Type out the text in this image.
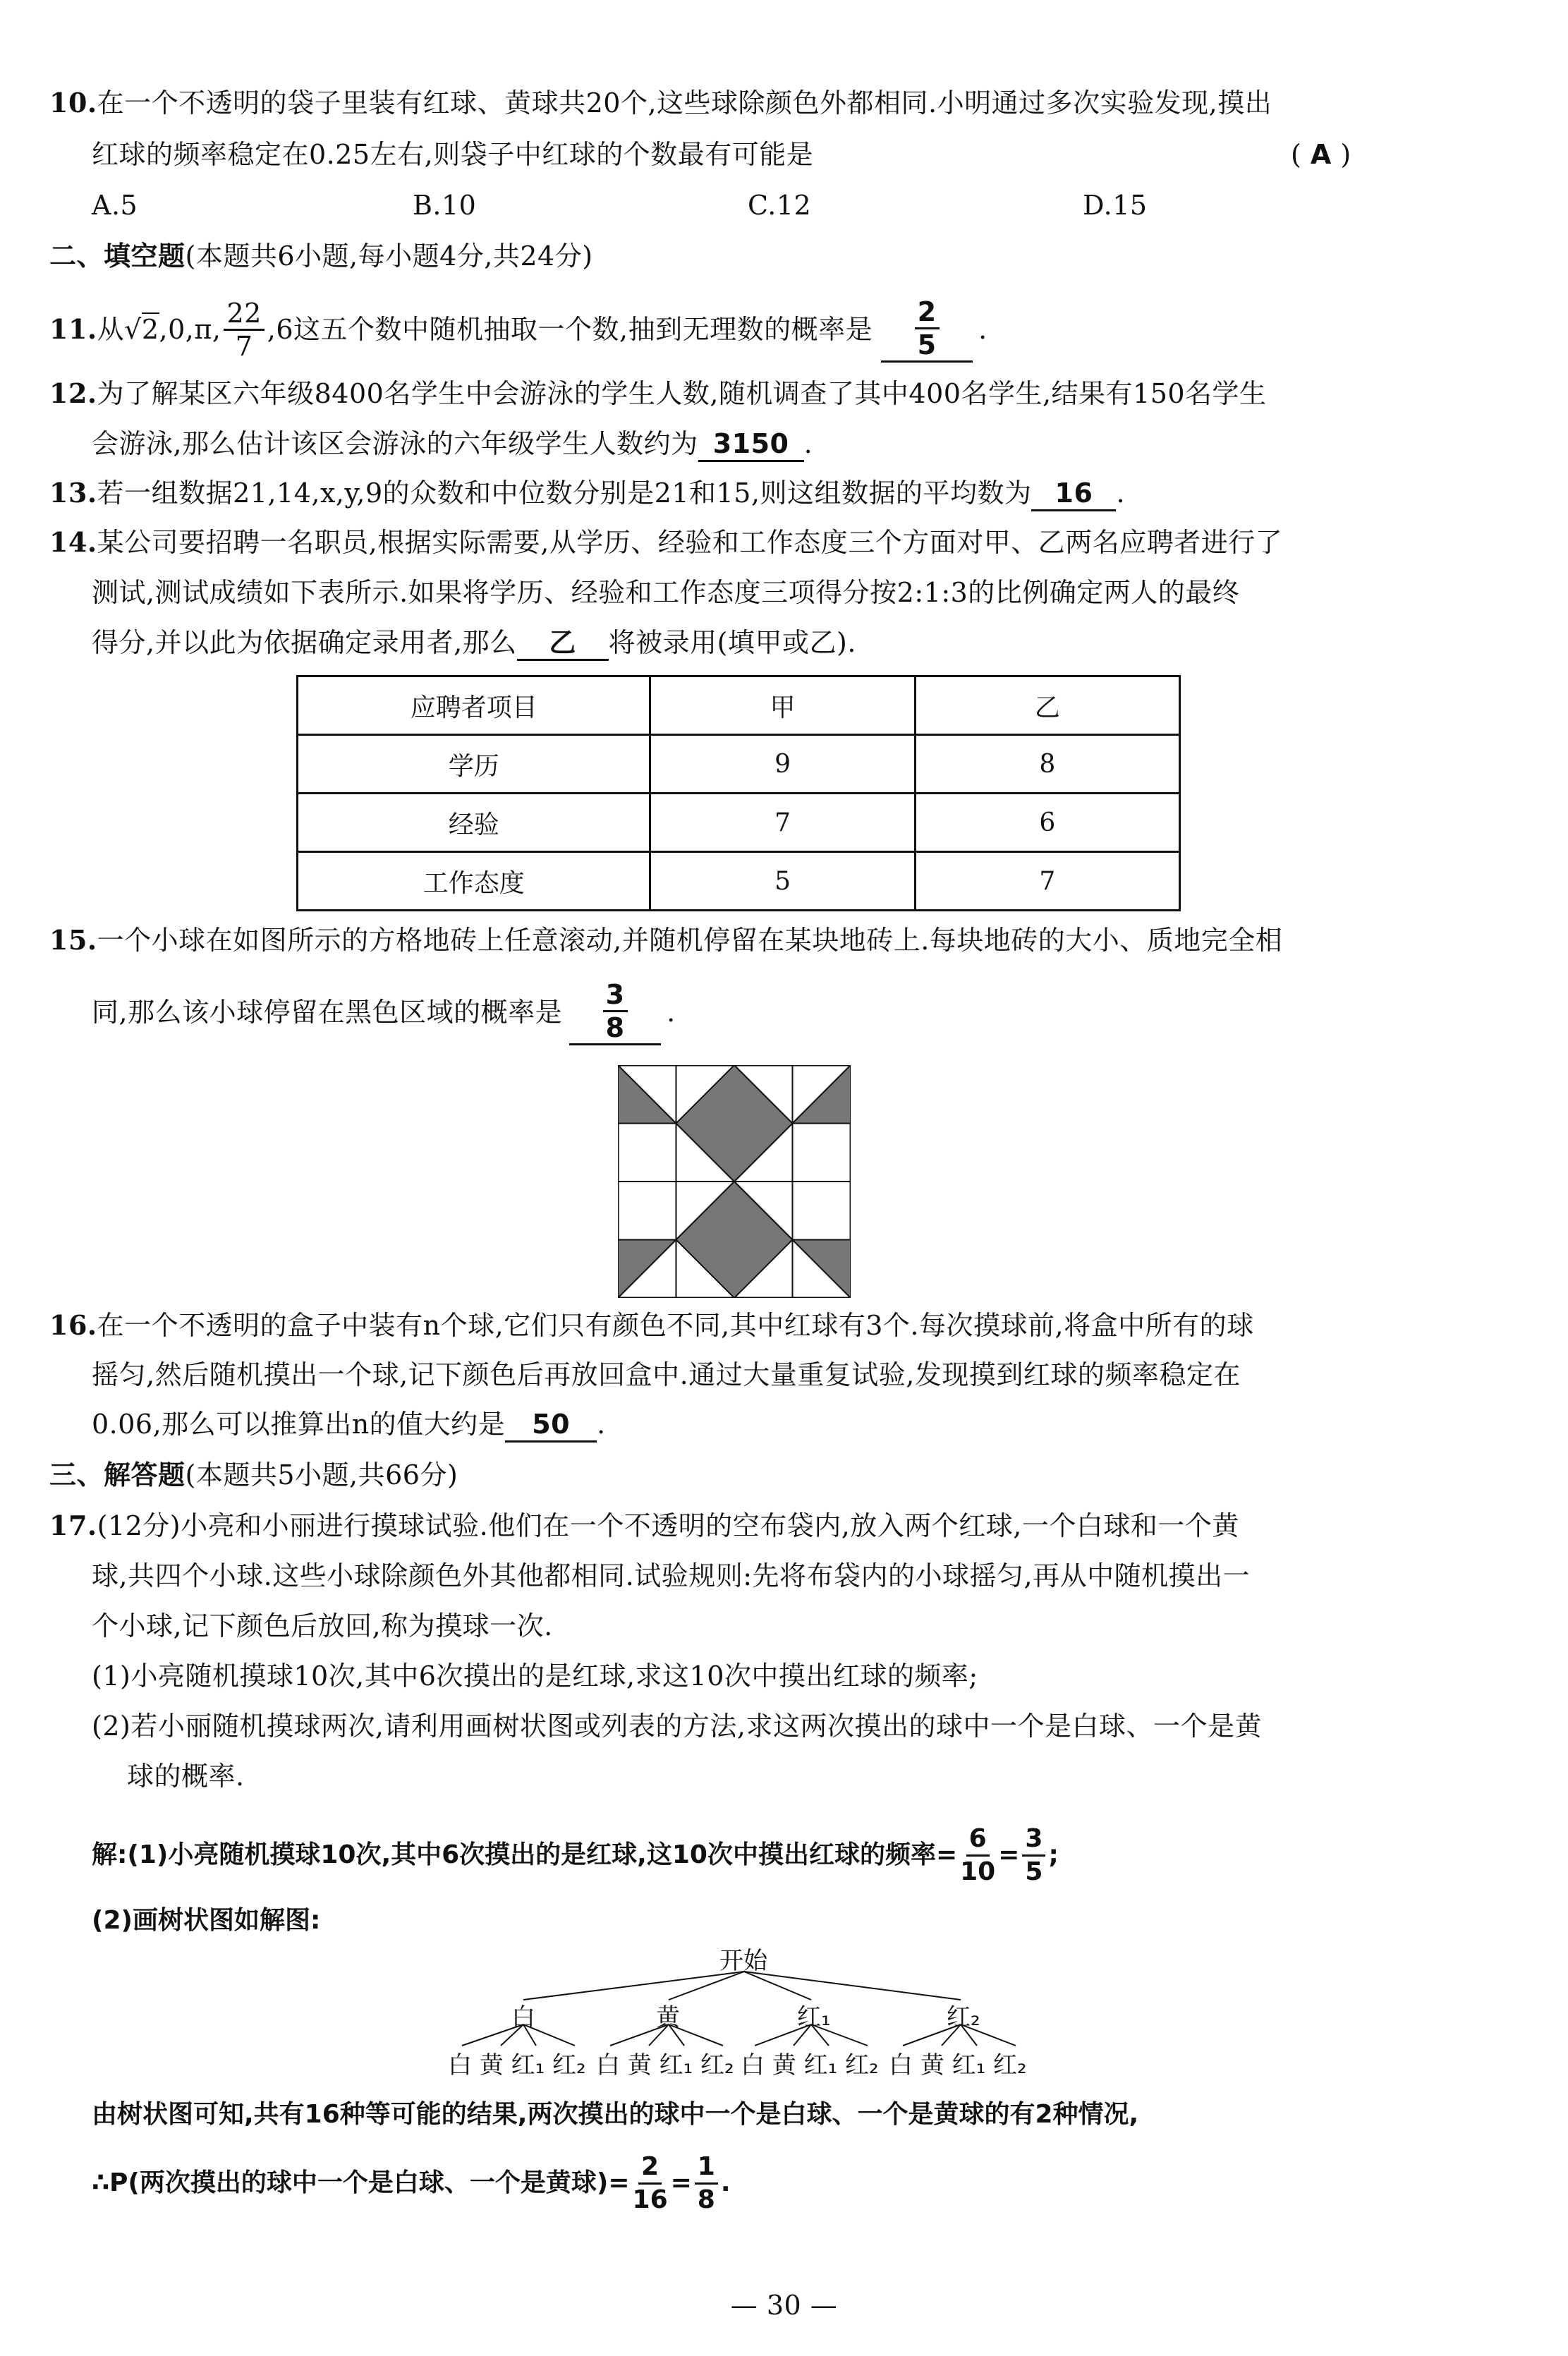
10.在一个不透明的袋子里装有红球、黄球共20个,这些球除颜色外都相同.小明通过多次实验发现,摸出
红球的频率稳定在0.25左右,则袋子中红球的个数最有可能是	( A )
A.5	B.10	C.12	D.15
二、填空题(本题共6小题,每小题4分,共24分)
11. 从 √2 ,0,π, $\frac{22}{7} ,6$这五个数中随机抽取一个数,抽到无理数的概率是 $\frac{2}{5}$ .
12.为了解某区六年级8400名学生中会游泳的学生人数,随机调查了其中400名学生,结果有150名学生
会游泳,那么估计该区会游泳的六年级学生人数约为 3150 .
13.若一组数据21,14,x,y,9的众数和中位数分别是21和15,则这组数据的平均数为 16 .
14.某公司要招聘一名职员,根据实际需要,从学历、经验和工作态度三个方面对甲、乙两名应聘者进行了
测试,测试成绩如下表所示.如果将学历、经验和工作态度三项得分按2:1:3的比例确定两人的最终
得分,并以此为依据确定录用者,那么 乙 将被录用(填甲或乙).
应聘者项目	甲	乙
学历	9	8
经验	7	6
工作态度	5	7
15.一个小球在如图所示的方格地砖上任意滚动,并随机停留在某块地砖上.每块地砖的大小、质地完全相
同,那么该小球停留在黑色区域的概率是 $\frac{3}{8}$ .
16.在一个不透明的盒子中装有n个球,它们只有颜色不同,其中红球有3个.每次摸球前,将盒中所有的球
摇匀,然后随机摸出一个球,记下颜色后再放回盒中.通过大量重复试验,发现摸到红球的频率稳定在
0.06,那么可以推算出n的值大约是 50 .
三、解答题(本题共5小题,共66分)
17.(12分)小亮和小丽进行摸球试验.他们在一个不透明的空布袋内,放入两个红球,一个白球和一个黄
球,共四个小球.这些小球除颜色外其他都相同.试验规则:先将布袋内的小球摇匀,再从中随机摸出一
个小球,记下颜色后放回,称为摸球一次.
(1)小亮随机摸球10次,其中6次摸出的是红球,求这10次中摸出红球的频率;
(2)若小丽随机摸球两次,请利用画树状图或列表的方法,求这两次摸出的球中一个是白球、一个是黄
球的概率.
解:(1)小亮随机摸球10次,其中6次摸出的是红球,这10次中摸出红球的频率= $\frac{6}{10} = \frac{3}{5}$ ;
(2)画树状图如解图:
开始
白	黄	红₁	红₂
白 黄 红₁ 红₂ 白 黄 红₁ 红₂ 白 黄 红₁ 红₂ 白 黄 红₁ 红₂
由树状图可知,共有16种等可能的结果,两次摸出的球中一个是白球、一个是黄球的有2种情况,
∴P(两次摸出的球中一个是白球、一个是黄球)= $\frac{2}{16} = \frac{1}{8}$ .
— 30 —
